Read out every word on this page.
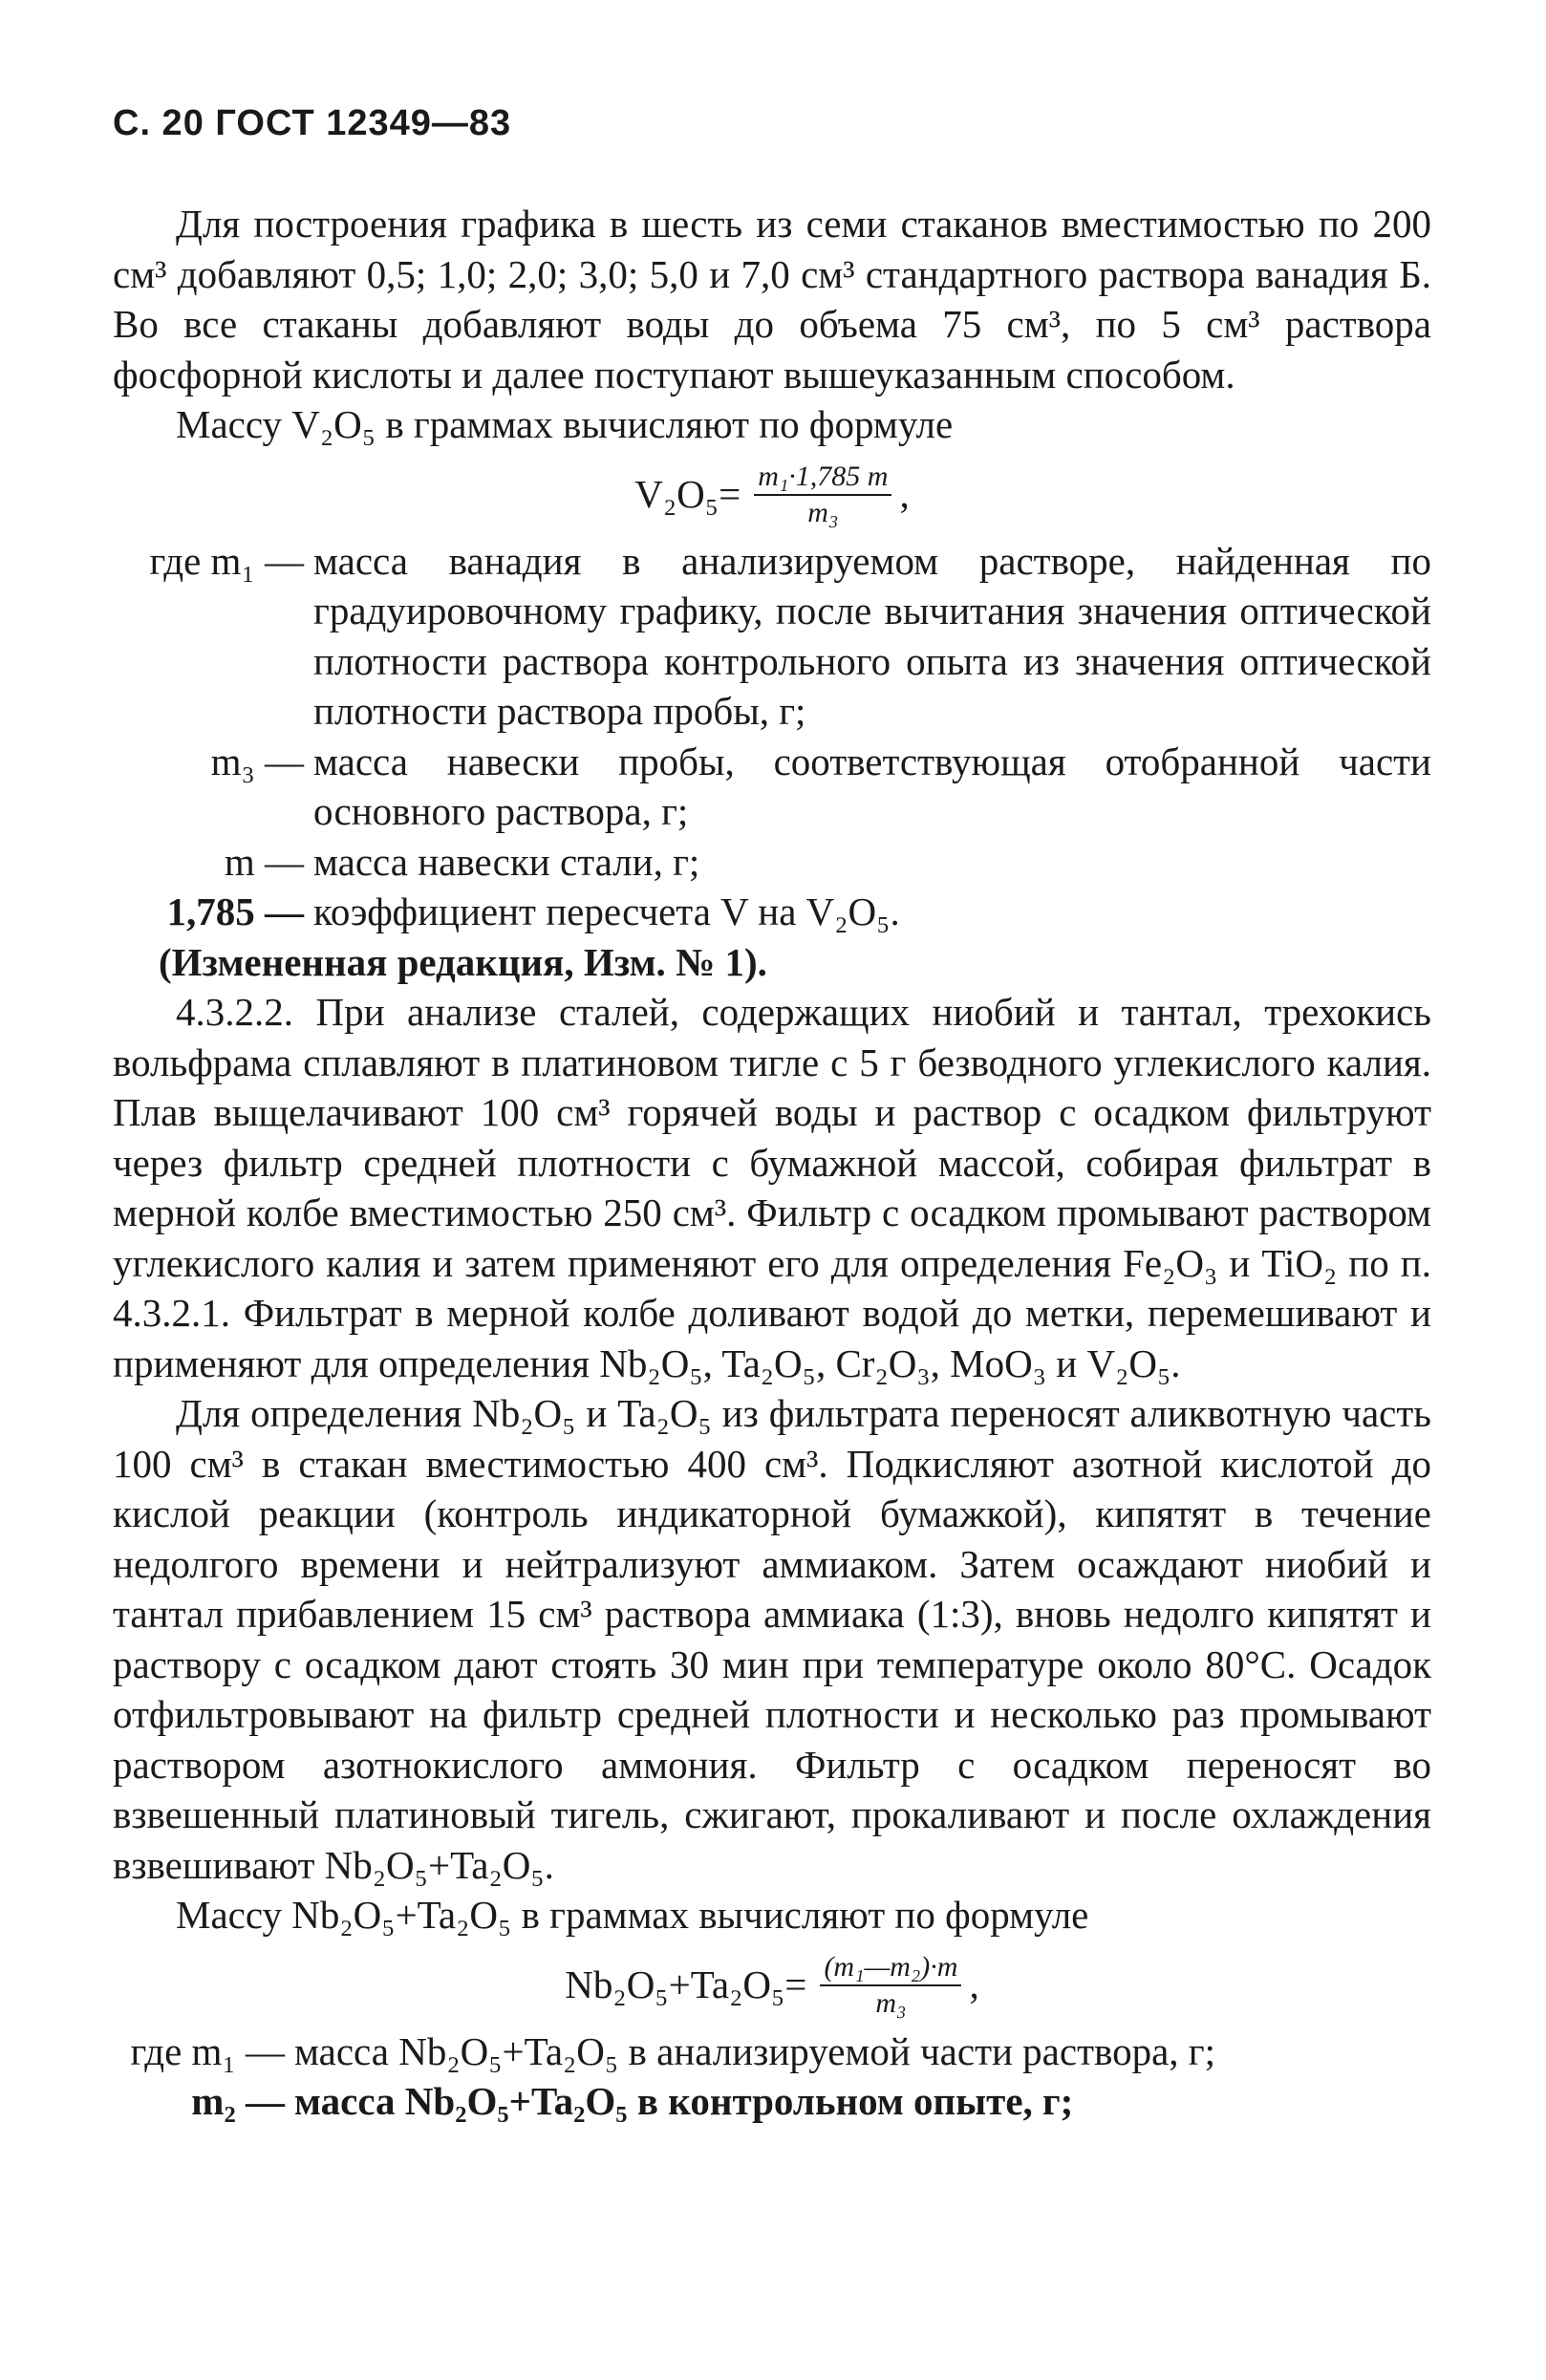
С. 20 ГОСТ 12349—83

Для построения графика в шесть из семи стаканов вместимостью по 200 см³ добавляют 0,5; 1,0; 2,0; 3,0; 5,0 и 7,0 см³ стандартного раствора ванадия Б. Во все стаканы добавляют воды до объема 75 см³, по 5 см³ раствора фосфорной кислоты и далее поступают вышеуказанным способом.

Массу V₂O₅ в граммах вычисляют по формуле

$V_2O_5= \frac{\text{m₁·1,785 m}}{\text{m₃}}$ ,
где m₁ — масса ванадия в анализируемом растворе, найденная по градуировочному графику, после вычитания значения оптической плотности раствора контрольного опыта из значения оптической плотности раствора пробы, г;
m₃ — масса навески пробы, соответствующая отобранной части основного раствора, г;
m — масса навески стали, г;
1,785 — коэффициент пересчета V на V₂O₅.

(Измененная редакция, Изм. № 1).

4.3.2.2. При анализе сталей, содержащих ниобий и тантал, трехокись вольфрама сплавляют в платиновом тигле с 5 г безводного углекислого калия. Плав выщелачивают 100 см³ горячей воды и раствор с осадком фильтруют через фильтр средней плотности с бумажной массой, собирая фильтрат в мерной колбе вместимостью 250 см³. Фильтр с осадком промывают раствором углекислого калия и затем применяют его для определения Fe₂O₃ и TiO₂ по п. 4.3.2.1. Фильтрат в мерной колбе доливают водой до метки, перемешивают и применяют для определения Nb₂O₅, Ta₂O₅, Cr₂O₃, MoO₃ и V₂O₅.

Для определения Nb₂O₅ и Ta₂O₅ из фильтрата переносят аликвотную часть 100 см³ в стакан вместимостью 400 см³. Подкисляют азотной кислотой до кислой реакции (контроль индикаторной бумажкой), кипятят в течение недолгого времени и нейтрализуют аммиаком. Затем осаждают ниобий и тантал прибавлением 15 см³ раствора аммиака (1:3), вновь недолго кипятят и раствору с осадком дают стоять 30 мин при температуре около 80°С. Осадок отфильтровывают на фильтр средней плотности и несколько раз промывают раствором азотнокислого аммония. Фильтр с осадком переносят во взвешенный платиновый тигель, сжигают, прокаливают и после охлаждения взвешивают Nb₂O₅+Ta₂O₅.

Массу Nb₂O₅+Ta₂O₅ в граммах вычисляют по формуле

$Nb_2O_5+Ta_2O_5= \frac{\text{(m₁—m₂)·m}}{\text{m₃}}$ ,
где m₁ — масса Nb₂O₅+Ta₂O₅ в анализируемой части раствора, г;
m₂ — масса Nb₂O₅+Ta₂O₅ в контрольном опыте, г;
